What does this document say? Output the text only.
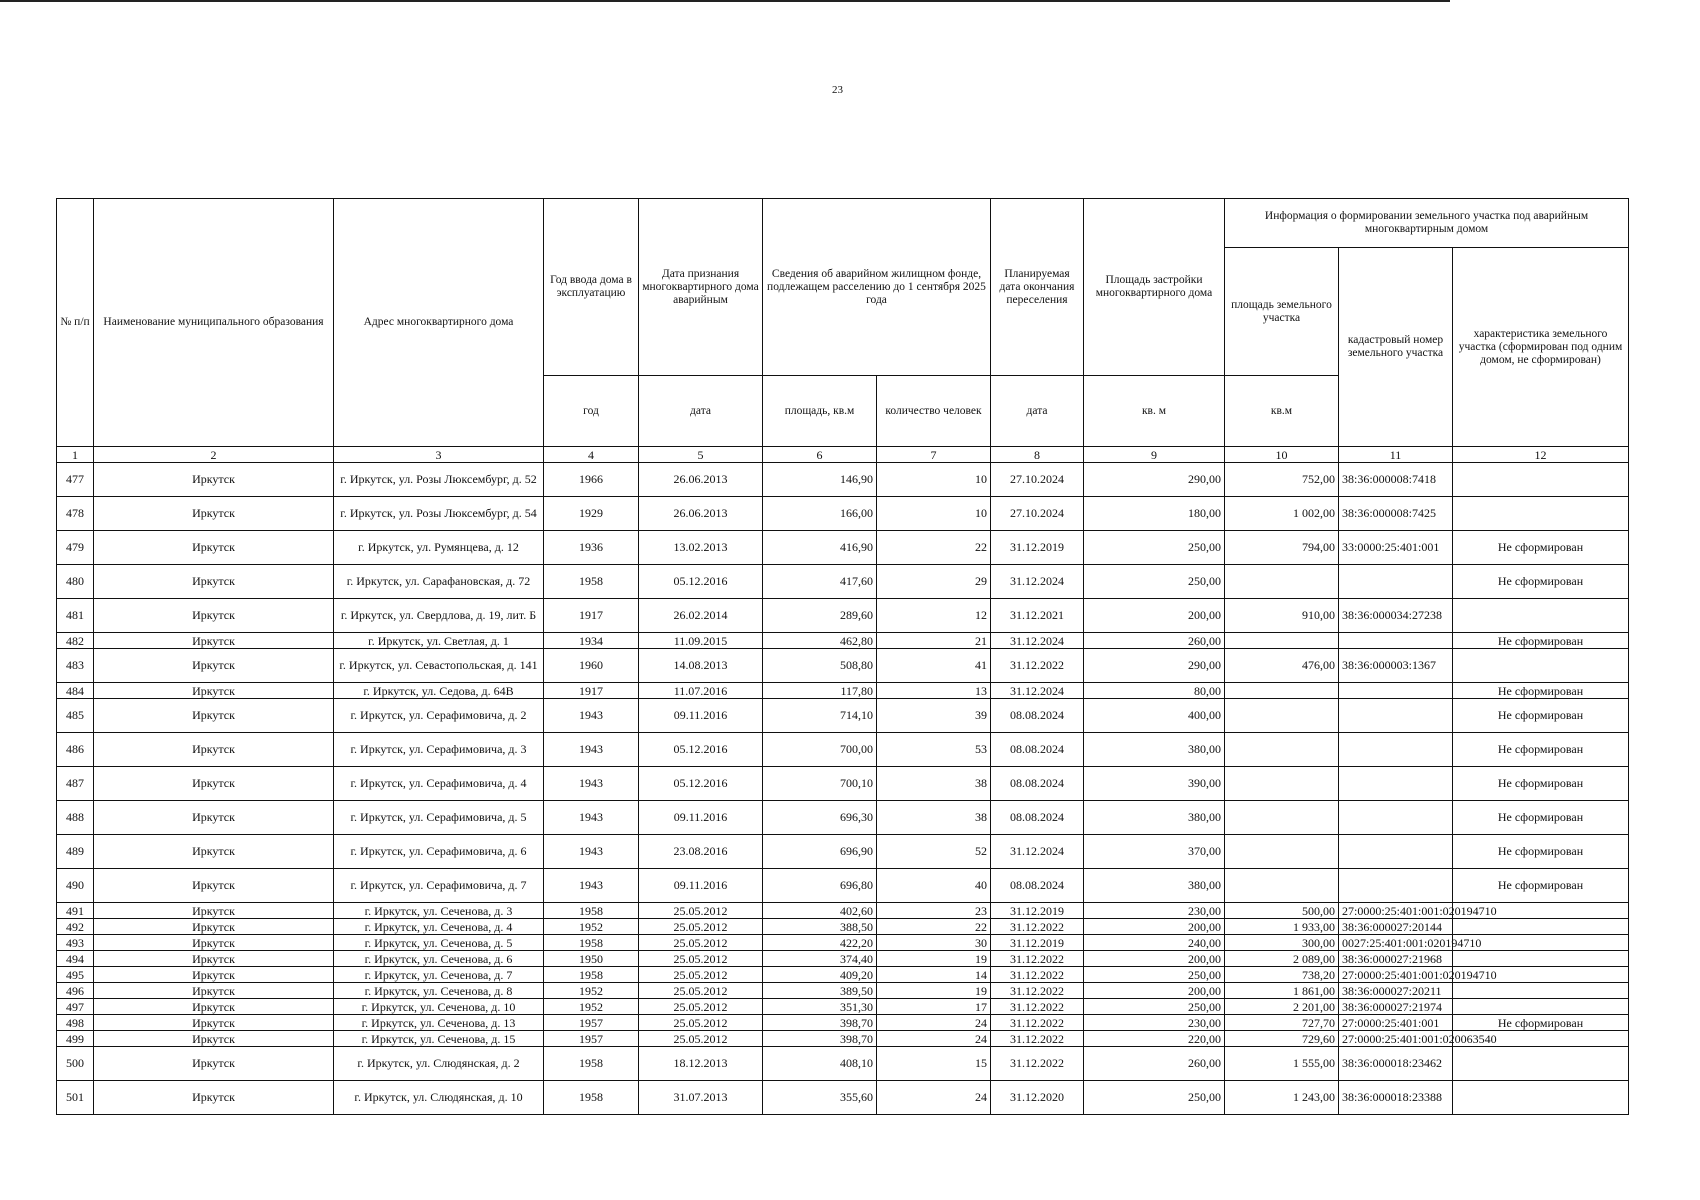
23
№ п/п	Наименование муниципального образования	Адрес многоквартирного дома	Год ввода дома в эксплуатацию	Дата признания многоквартирного дома аварийным	Сведения об аварийном жилищном фонде, подлежащем расселению до 1 сентября 2025 года		Планируемая дата окончания переселения	Площадь застройки многоквартирного дома	Информация о формировании земельного участка под аварийным многоквартирным домом		
									площадь земельного участка	кадастровый номер земельного участка	характеристика земельного участка (сформирован под одним домом, не сформирован)
			год	дата	площадь, кв.м	количество человек	дата	кв. м	кв.м		
1	2	3	4	5	6	7	8	9	10	11	12
477	Иркутск	г. Иркутск, ул. Розы Люксембург, д. 52	1966	26.06.2013	146,90	10	27.10.2024	290,00	752,00	38:36:000008:7418	
478	Иркутск	г. Иркутск, ул. Розы Люксембург, д. 54	1929	26.06.2013	166,00	10	27.10.2024	180,00	1 002,00	38:36:000008:7425	
479	Иркутск	г. Иркутск, ул. Румянцева, д. 12	1936	13.02.2013	416,90	22	31.12.2019	250,00	794,00	33:0000:25:401:001	Не сформирован
480	Иркутск	г. Иркутск, ул. Сарафановская, д. 72	1958	05.12.2016	417,60	29	31.12.2024	250,00			Не сформирован
481	Иркутск	г. Иркутск, ул. Свердлова, д. 19, лит. Б	1917	26.02.2014	289,60	12	31.12.2021	200,00	910,00	38:36:000034:27238	
482	Иркутск	г. Иркутск, ул. Светлая, д. 1	1934	11.09.2015	462,80	21	31.12.2024	260,00			Не сформирован
483	Иркутск	г. Иркутск, ул. Севастопольская, д. 141	1960	14.08.2013	508,80	41	31.12.2022	290,00	476,00	38:36:000003:1367	
484	Иркутск	г. Иркутск, ул. Седова, д. 64В	1917	11.07.2016	117,80	13	31.12.2024	80,00			Не сформирован
485	Иркутск	г. Иркутск, ул. Серафимовича, д. 2	1943	09.11.2016	714,10	39	08.08.2024	400,00			Не сформирован
486	Иркутск	г. Иркутск, ул. Серафимовича, д. 3	1943	05.12.2016	700,00	53	08.08.2024	380,00			Не сформирован
487	Иркутск	г. Иркутск, ул. Серафимовича, д. 4	1943	05.12.2016	700,10	38	08.08.2024	390,00			Не сформирован
488	Иркутск	г. Иркутск, ул. Серафимовича, д. 5	1943	09.11.2016	696,30	38	08.08.2024	380,00			Не сформирован
489	Иркутск	г. Иркутск, ул. Серафимовича, д. 6	1943	23.08.2016	696,90	52	31.12.2024	370,00			Не сформирован
490	Иркутск	г. Иркутск, ул. Серафимовича, д. 7	1943	09.11.2016	696,80	40	08.08.2024	380,00			Не сформирован
491	Иркутск	г. Иркутск, ул. Сеченова, д. 3	1958	25.05.2012	402,60	23	31.12.2019	230,00	500,00	27:0000:25:401:001:020194710	
492	Иркутск	г. Иркутск, ул. Сеченова, д. 4	1952	25.05.2012	388,50	22	31.12.2022	200,00	1 933,00	38:36:000027:20144	
493	Иркутск	г. Иркутск, ул. Сеченова, д. 5	1958	25.05.2012	422,20	30	31.12.2019	240,00	300,00	0027:25:401:001:020194710	
494	Иркутск	г. Иркутск, ул. Сеченова, д. 6	1950	25.05.2012	374,40	19	31.12.2022	200,00	2 089,00	38:36:000027:21968	
495	Иркутск	г. Иркутск, ул. Сеченова, д. 7	1958	25.05.2012	409,20	14	31.12.2022	250,00	738,20	27:0000:25:401:001:020194710	
496	Иркутск	г. Иркутск, ул. Сеченова, д. 8	1952	25.05.2012	389,50	19	31.12.2022	200,00	1 861,00	38:36:000027:20211	
497	Иркутск	г. Иркутск, ул. Сеченова, д. 10	1952	25.05.2012	351,30	17	31.12.2022	250,00	2 201,00	38:36:000027:21974	
498	Иркутск	г. Иркутск, ул. Сеченова, д. 13	1957	25.05.2012	398,70	24	31.12.2022	230,00	727,70	27:0000:25:401:001	Не сформирован
499	Иркутск	г. Иркутск, ул. Сеченова, д. 15	1957	25.05.2012	398,70	24	31.12.2022	220,00	729,60	27:0000:25:401:001:020063540	
500	Иркутск	г. Иркутск, ул. Слюдянская, д. 2	1958	18.12.2013	408,10	15	31.12.2022	260,00	1 555,00	38:36:000018:23462	
501	Иркутск	г. Иркутск, ул. Слюдянская, д. 10	1958	31.07.2013	355,60	24	31.12.2020	250,00	1 243,00	38:36:000018:23388	
